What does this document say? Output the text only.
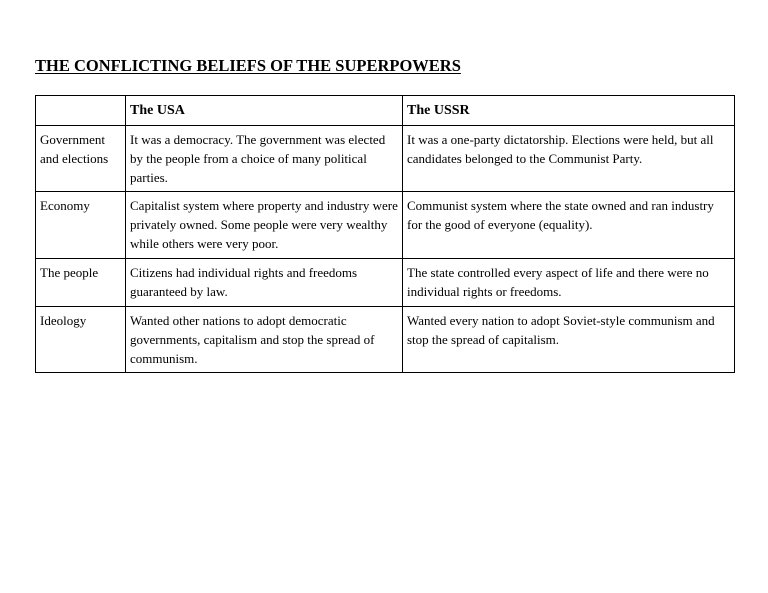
THE CONFLICTING BELIEFS OF THE SUPERPOWERS
	The USA	The USSR
Government and elections	It was a democracy. The government was elected by the people from a choice of many political parties.	It was a one-party dictatorship. Elections were held, but all candidates belonged to the Communist Party.
Economy	Capitalist system where property and industry were privately owned. Some people were very wealthy while others were very poor.	Communist system where the state owned and ran industry for the good of everyone (equality).
The people	Citizens had individual rights and freedoms guaranteed by law.	The state controlled every aspect of life and there were no individual rights or freedoms.
Ideology	Wanted other nations to adopt democratic governments, capitalism and stop the spread of communism.	Wanted every nation to adopt Soviet-style communism and stop the spread of capitalism.
